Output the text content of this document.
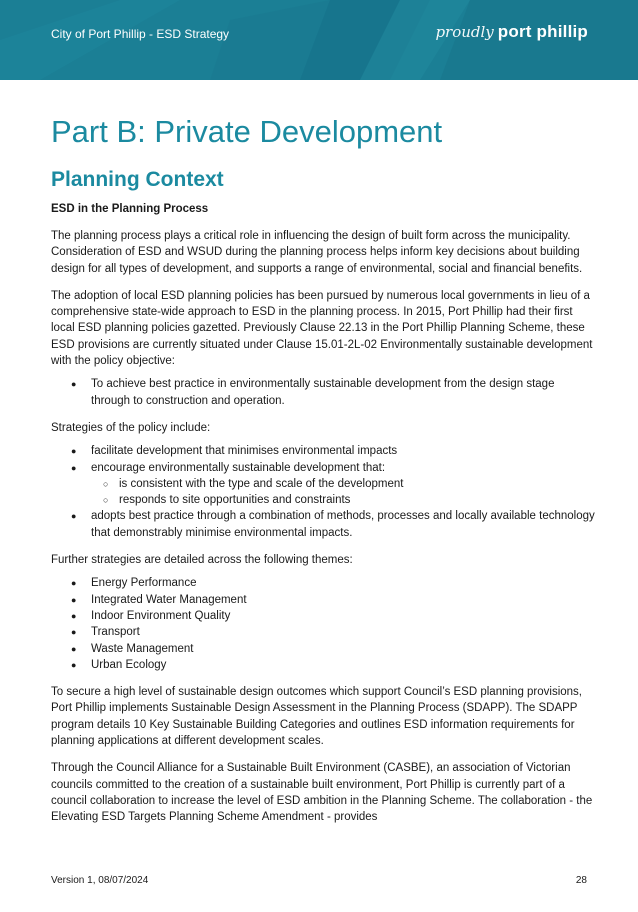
City of Port Phillip - ESD Strategy	proudly port phillip
Part B: Private Development
Planning Context
ESD in the Planning Process

The planning process plays a critical role in influencing the design of built form across the municipality. Consideration of ESD and WSUD during the planning process helps inform key decisions about building design for all types of development, and supports a range of environmental, social and financial benefits.

The adoption of local ESD planning policies has been pursued by numerous local governments in lieu of a comprehensive state-wide approach to ESD in the planning process. In 2015, Port Phillip had their first local ESD planning policies gazetted. Previously Clause 22.13 in the Port Phillip Planning Scheme, these ESD provisions are currently situated under Clause 15.01-2L-02 Environmentally sustainable development with the policy objective:

● To achieve best practice in environmentally sustainable development from the design stage through to construction and operation.

Strategies of the policy include:

● facilitate development that minimises environmental impacts
● encourage environmentally sustainable development that:
○ is consistent with the type and scale of the development
○ responds to site opportunities and constraints
● adopts best practice through a combination of methods, processes and locally available technology that demonstrably minimise environmental impacts.

Further strategies are detailed across the following themes:

● Energy Performance
● Integrated Water Management
● Indoor Environment Quality
● Transport
● Waste Management
● Urban Ecology

To secure a high level of sustainable design outcomes which support Council’s ESD planning provisions, Port Phillip implements Sustainable Design Assessment in the Planning Process (SDAPP). The SDAPP program details 10 Key Sustainable Building Categories and outlines ESD information requirements for planning applications at different development scales.

Through the Council Alliance for a Sustainable Built Environment (CASBE), an association of Victorian councils committed to the creation of a sustainable built environment, Port Phillip is currently part of a council collaboration to increase the level of ESD ambition in the Planning Scheme. The collaboration - the Elevating ESD Targets Planning Scheme Amendment - provides

Version 1, 08/07/2024	28
